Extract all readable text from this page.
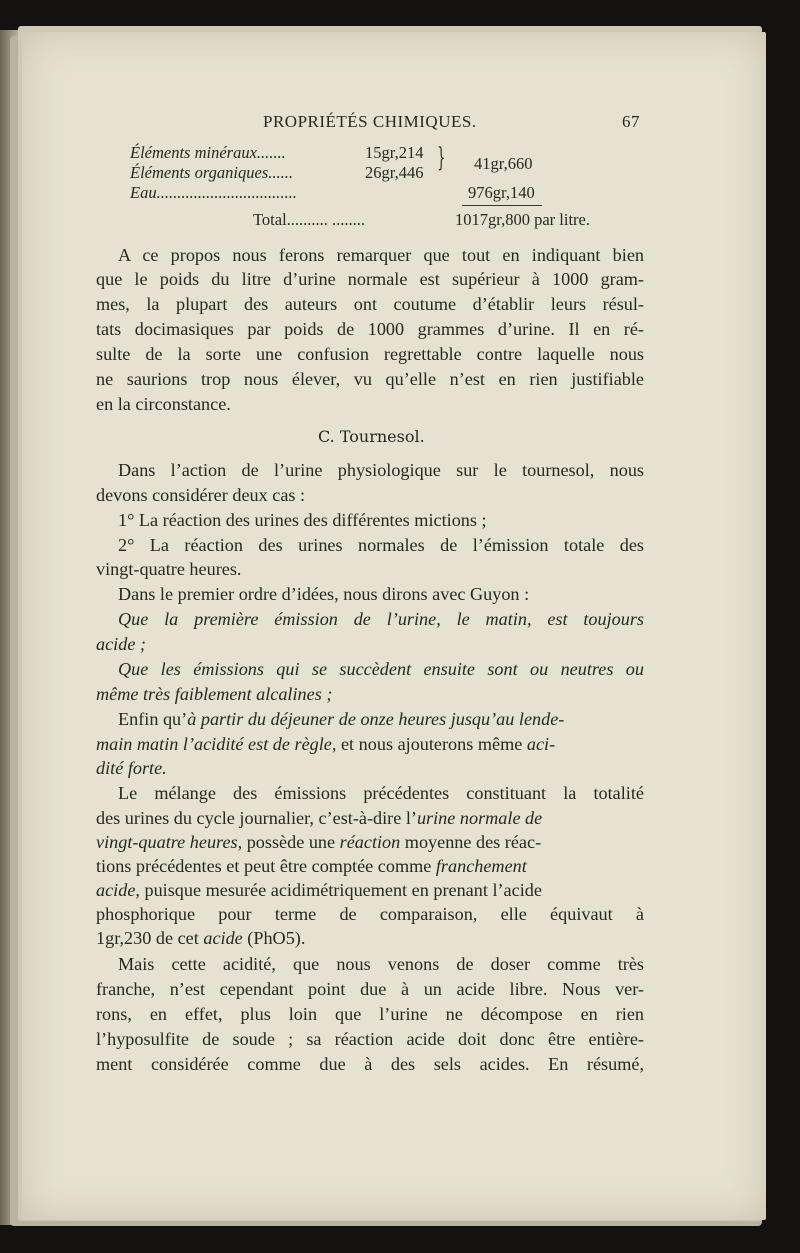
PROPRIÉTÉS CHIMIQUES.	67
Éléments minéraux.......	15gr,214
Éléments organiques......	26gr,446 } 41gr,660
Eau..................................	976gr,140
Total.......... ........	1017gr,800 par litre.
A ce propos nous ferons remarquer que tout en indiquant bien
que le poids du litre d’urine normale est supérieur à 1000 gram-
mes, la plupart des auteurs ont coutume d’établir leurs résul-
tats docimasiques par poids de 1000 grammes d’urine. Il en ré-
sulte de la sorte une confusion regrettable contre laquelle nous
ne saurions trop nous élever, vu qu’elle n’est en rien justifiable
en la circonstance.
C. Tournesol.
Dans l’action de l’urine physiologique sur le tournesol, nous
devons considérer deux cas :
1° La réaction des urines des différentes mictions ;
2° La réaction des urines normales de l’émission totale des
vingt-quatre heures.
Dans le premier ordre d’idées, nous dirons avec Guyon :
Que la première émission de l’urine, le matin, est toujours
acide ;
Que les émissions qui se succèdent ensuite sont ou neutres ou
même très faiblement alcalines ;
Enfin qu’à partir du déjeuner de onze heures jusqu’au lende-
main matin l’acidité est de règle, et nous ajouterons même aci-
dité forte.
Le mélange des émissions précédentes constituant la totalité
des urines du cycle journalier, c’est-à-dire l’urine normale de
vingt-quatre heures, possède une réaction moyenne des réac-
tions précédentes et peut être comptée comme franchement
acide, puisque mesurée acidimétriquement en prenant l’acide
phosphorique pour terme de comparaison, elle équivaut à
1gr,230 de cet acide (PhO5).
Mais cette acidité, que nous venons de doser comme très
franche, n’est cependant point due à un acide libre. Nous ver-
rons, en effet, plus loin que l’urine ne décompose en rien
l’hyposulfite de soude ; sa réaction acide doit donc être entière-
ment considérée comme due à des sels acides. En résumé,
